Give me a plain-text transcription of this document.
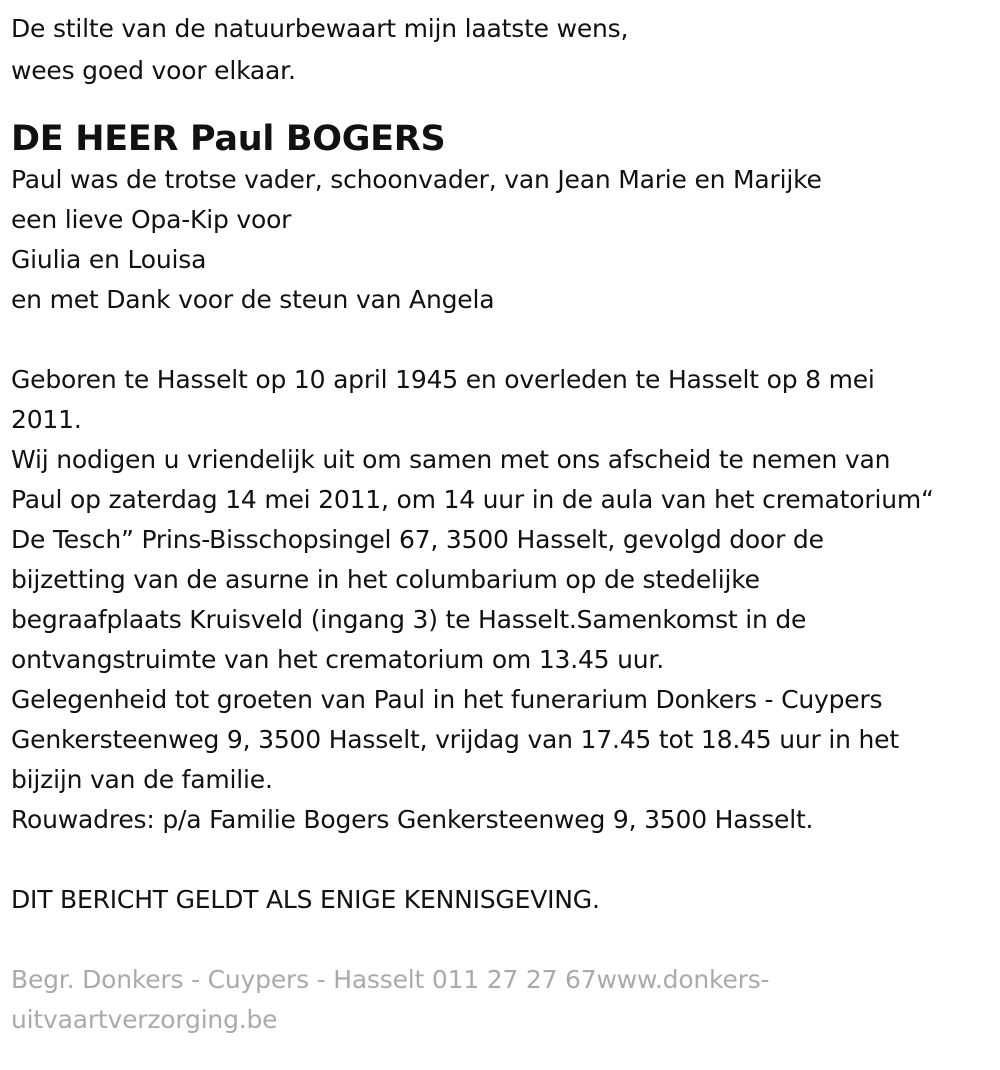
De stilte van de natuurbewaart mijn laatste wens,
wees goed voor elkaar.
DE HEER Paul BOGERS
Paul was de trotse vader, schoonvader, van Jean Marie en Marijke
een lieve Opa-Kip voor
Giulia en Louisa
en met Dank voor de steun van Angela
Geboren te Hasselt op 10 april 1945 en overleden te Hasselt op 8 mei
2011.
Wij nodigen u vriendelijk uit om samen met ons afscheid te nemen van
Paul op zaterdag 14 mei 2011, om 14 uur in de aula van het crematorium“
De Tesch” Prins-Bisschopsingel 67, 3500 Hasselt, gevolgd door de
bijzetting van de asurne in het columbarium op de stedelijke
begraafplaats Kruisveld (ingang 3) te Hasselt.Samenkomst in de
ontvangstruimte van het crematorium om 13.45 uur.
Gelegenheid tot groeten van Paul in het funerarium Donkers - Cuypers
Genkersteenweg 9, 3500 Hasselt, vrijdag van 17.45 tot 18.45 uur in het
bijzijn van de familie.
Rouwadres: p/a Familie Bogers Genkersteenweg 9, 3500 Hasselt.
DIT BERICHT GELDT ALS ENIGE KENNISGEVING.
Begr. Donkers - Cuypers - Hasselt 011 27 27 67www.donkers-
uitvaartverzorging.be
